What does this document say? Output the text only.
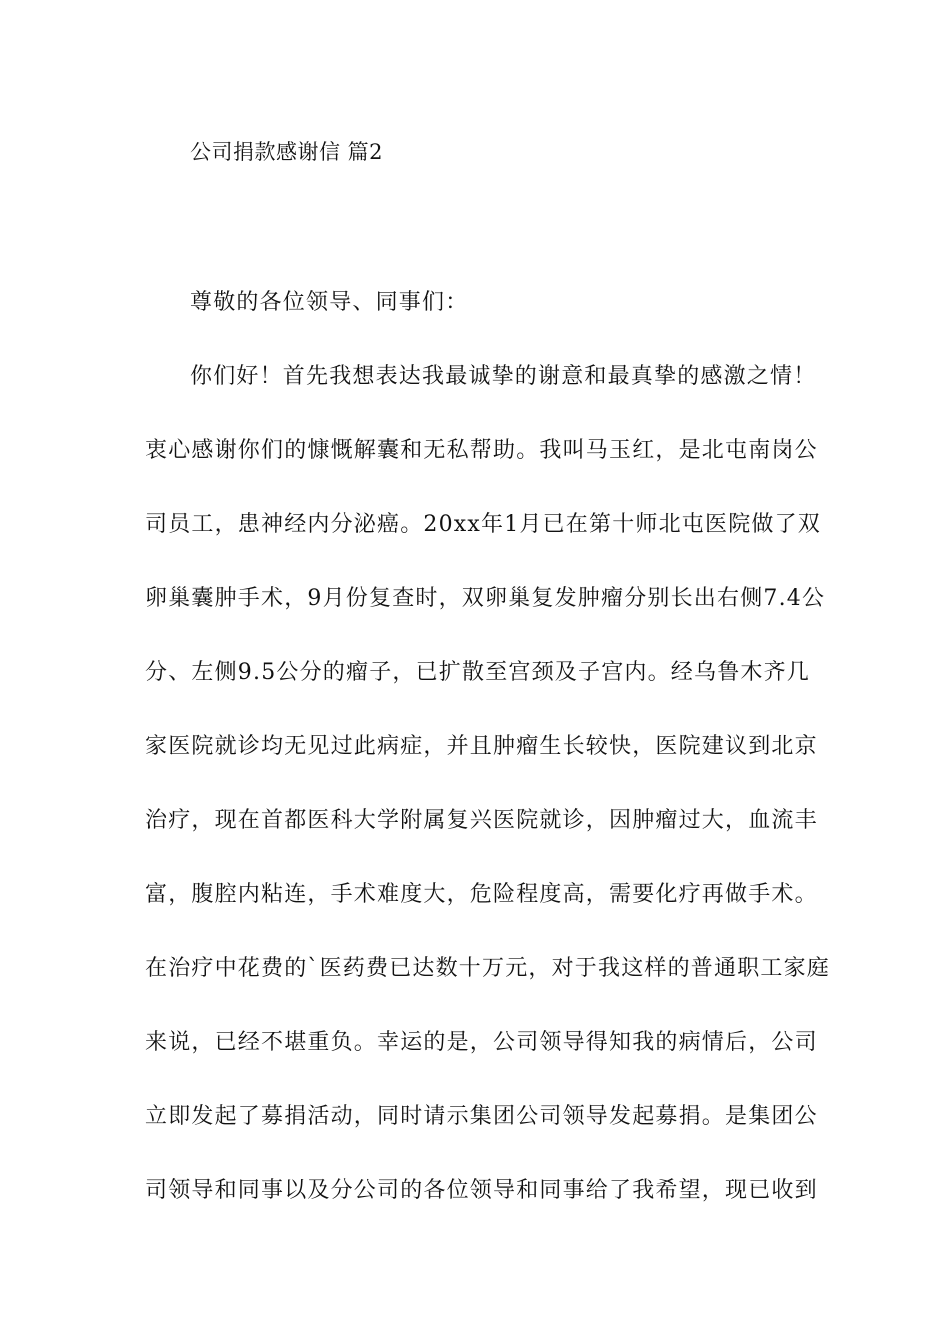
公司捐款感谢信 篇2
尊敬的各位领导、同事们：
你们好！首先我想表达我最诚挚的谢意和最真挚的感激之情！
衷心感谢你们的慷慨解囊和无私帮助。我叫马玉红，是北屯南岗公
司员工，患神经内分泌癌。20xx年1月已在第十师北屯医院做了双
卵巢囊肿手术，9月份复查时，双卵巢复发肿瘤分别长出右侧7.4公
分、左侧9.5公分的瘤子，已扩散至宫颈及子宫内。经乌鲁木齐几
家医院就诊均无见过此病症，并且肿瘤生长较快，医院建议到北京
治疗，现在首都医科大学附属复兴医院就诊，因肿瘤过大，血流丰
富，腹腔内粘连，手术难度大，危险程度高，需要化疗再做手术。
在治疗中花费的`医药费已达数十万元，对于我这样的普通职工家庭
来说，已经不堪重负。幸运的是，公司领导得知我的病情后，公司
立即发起了募捐活动，同时请示集团公司领导发起募捐。是集团公
司领导和同事以及分公司的各位领导和同事给了我希望，现已收到
